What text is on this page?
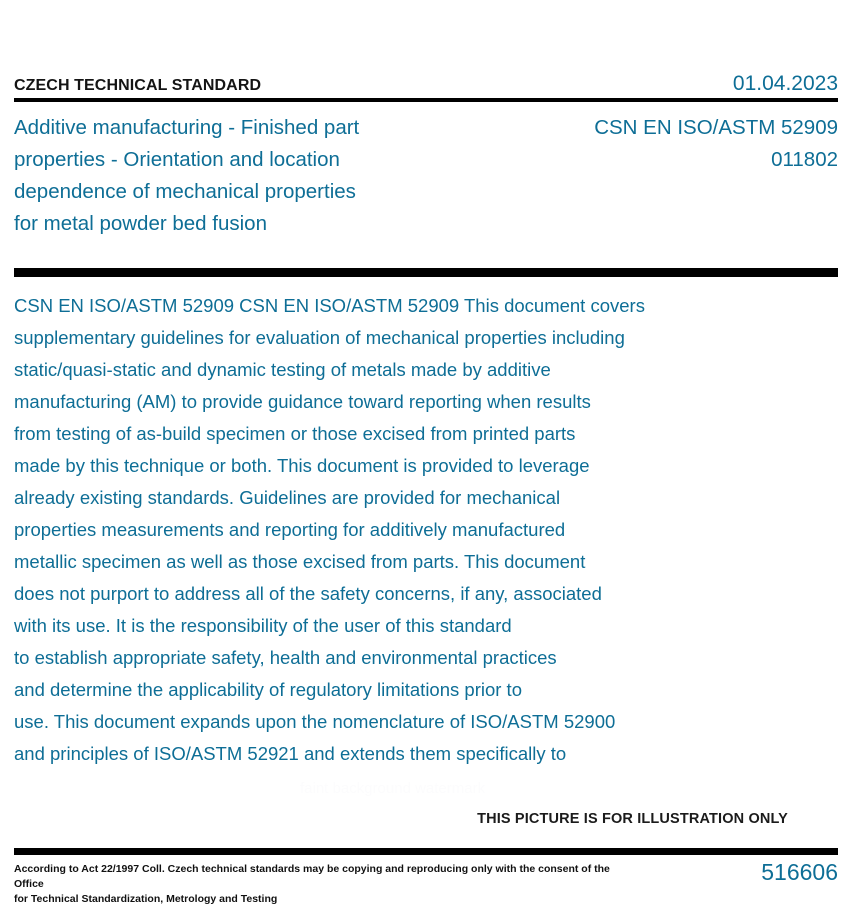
CZECH TECHNICAL STANDARD	01.04.2023
Additive manufacturing - Finished part
properties - Orientation and location
dependence of mechanical properties
for metal powder bed fusion
CSN EN ISO/ASTM 52909
011802
CSN EN ISO/ASTM 52909 CSN EN ISO/ASTM 52909 This document covers
supplementary guidelines for evaluation of mechanical properties including
static/quasi-static and dynamic testing of metals made by additive
manufacturing (AM) to provide guidance toward reporting when results
from testing of as-build specimen or those excised from printed parts
made by this technique or both. This document is provided to leverage
already existing standards. Guidelines are provided for mechanical
properties measurements and reporting for additively manufactured
metallic specimen as well as those excised from parts. This document
does not purport to address all of the safety concerns, if any, associated
with its use. It is the responsibility of the user of this standard
to establish appropriate safety, health and environmental practices
and determine the applicability of regulatory limitations prior to
use. This document expands upon the nomenclature of ISO/ASTM 52900
and principles of ISO/ASTM 52921 and extends them specifically to
faint background watermark
THIS PICTURE IS FOR ILLUSTRATION ONLY
According to Act 22/1997 Coll. Czech technical standards may be copying and reproducing only with the consent of the Office
for Technical Standardization, Metrology and Testing
516606
